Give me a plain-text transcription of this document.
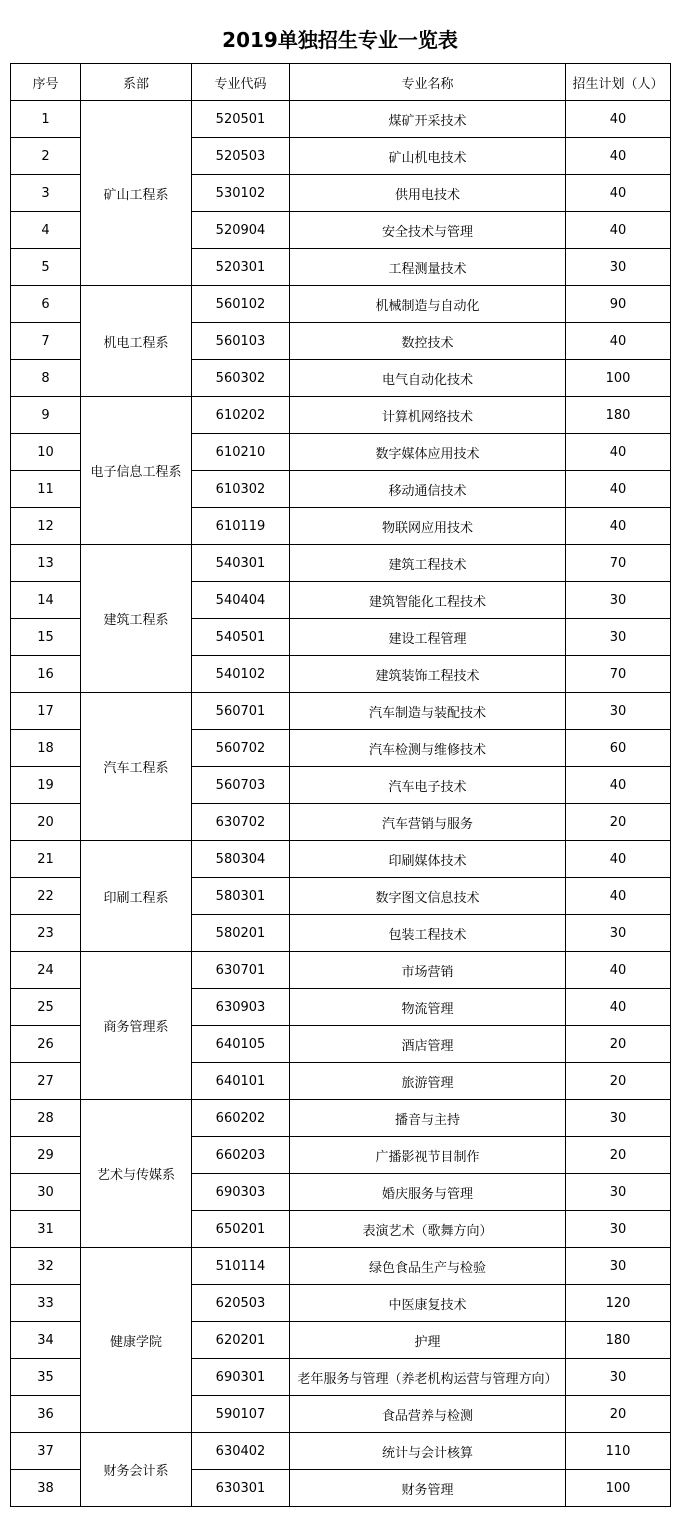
2019单独招生专业一览表
序号	系部	专业代码	专业名称	招生计划（人）
1	矿山工程系	520501	煤矿开采技术	40
2		520503	矿山机电技术	40
3		530102	供用电技术	40
4		520904	安全技术与管理	40
5		520301	工程测量技术	30
6	机电工程系	560102	机械制造与自动化	90
7		560103	数控技术	40
8		560302	电气自动化技术	100
9	电子信息工程系	610202	计算机网络技术	180
10		610210	数字媒体应用技术	40
11		610302	移动通信技术	40
12		610119	物联网应用技术	40
13	建筑工程系	540301	建筑工程技术	70
14		540404	建筑智能化工程技术	30
15		540501	建设工程管理	30
16		540102	建筑装饰工程技术	70
17	汽车工程系	560701	汽车制造与装配技术	30
18		560702	汽车检测与维修技术	60
19		560703	汽车电子技术	40
20		630702	汽车营销与服务	20
21	印刷工程系	580304	印刷媒体技术	40
22		580301	数字图文信息技术	40
23		580201	包装工程技术	30
24	商务管理系	630701	市场营销	40
25		630903	物流管理	40
26		640105	酒店管理	20
27		640101	旅游管理	20
28	艺术与传媒系	660202	播音与主持	30
29		660203	广播影视节目制作	20
30		690303	婚庆服务与管理	30
31		650201	表演艺术（歌舞方向）	30
32	健康学院	510114	绿色食品生产与检验	30
33		620503	中医康复技术	120
34		620201	护理	180
35		690301	老年服务与管理（养老机构运营与管理方向）	30
36		590107	食品营养与检测	20
37	财务会计系	630402	统计与会计核算	110
38		630301	财务管理	100
